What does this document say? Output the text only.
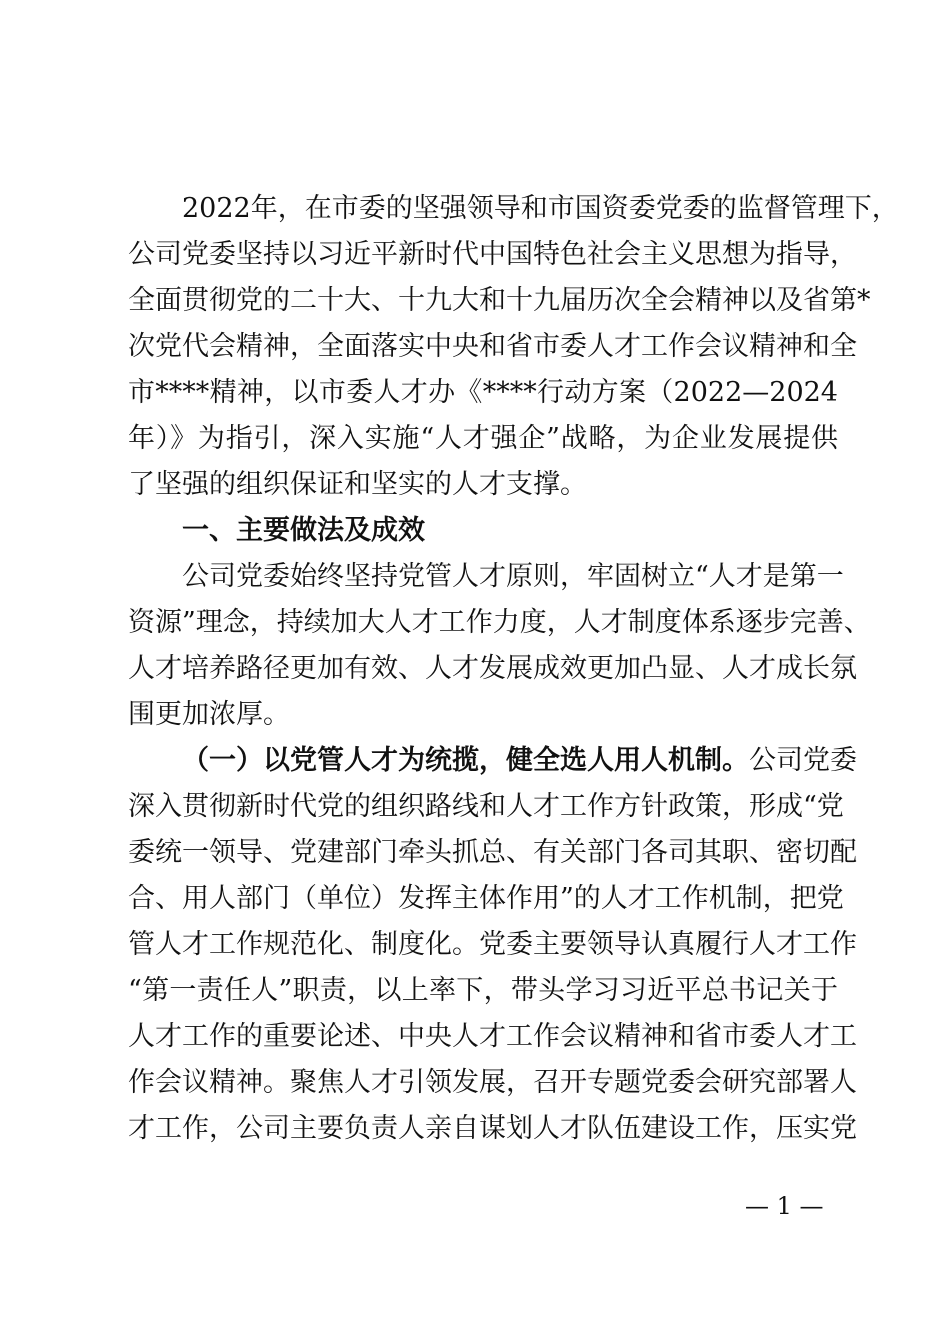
2022年，在市委的坚强领导和市国资委党委的监督管理下，
公司党委坚持以习近平新时代中国特色社会主义思想为指导，
全面贯彻党的二十大、十九大和十九届历次全会精神以及省第*
次党代会精神，全面落实中央和省市委人才工作会议精神和全
市****精神，以市委人才办《****行动方案（2022—2024
年）》为指引，深入实施“人才强企”战略，为企业发展提供
了坚强的组织保证和坚实的人才支撑。
一、主要做法及成效
公司党委始终坚持党管人才原则，牢固树立“人才是第一
资源”理念，持续加大人才工作力度，人才制度体系逐步完善、
人才培养路径更加有效、人才发展成效更加凸显、人才成长氛
围更加浓厚。
（一）以党管人才为统揽，健全选人用人机制。公司党委
深入贯彻新时代党的组织路线和人才工作方针政策，形成“党
委统一领导、党建部门牵头抓总、有关部门各司其职、密切配
合、用人部门（单位）发挥主体作用”的人才工作机制，把党
管人才工作规范化、制度化。党委主要领导认真履行人才工作
“第一责任人”职责，以上率下，带头学习习近平总书记关于
人才工作的重要论述、中央人才工作会议精神和省市委人才工
作会议精神。聚焦人才引领发展，召开专题党委会研究部署人
才工作，公司主要负责人亲自谋划人才队伍建设工作，压实党
— 1 —
